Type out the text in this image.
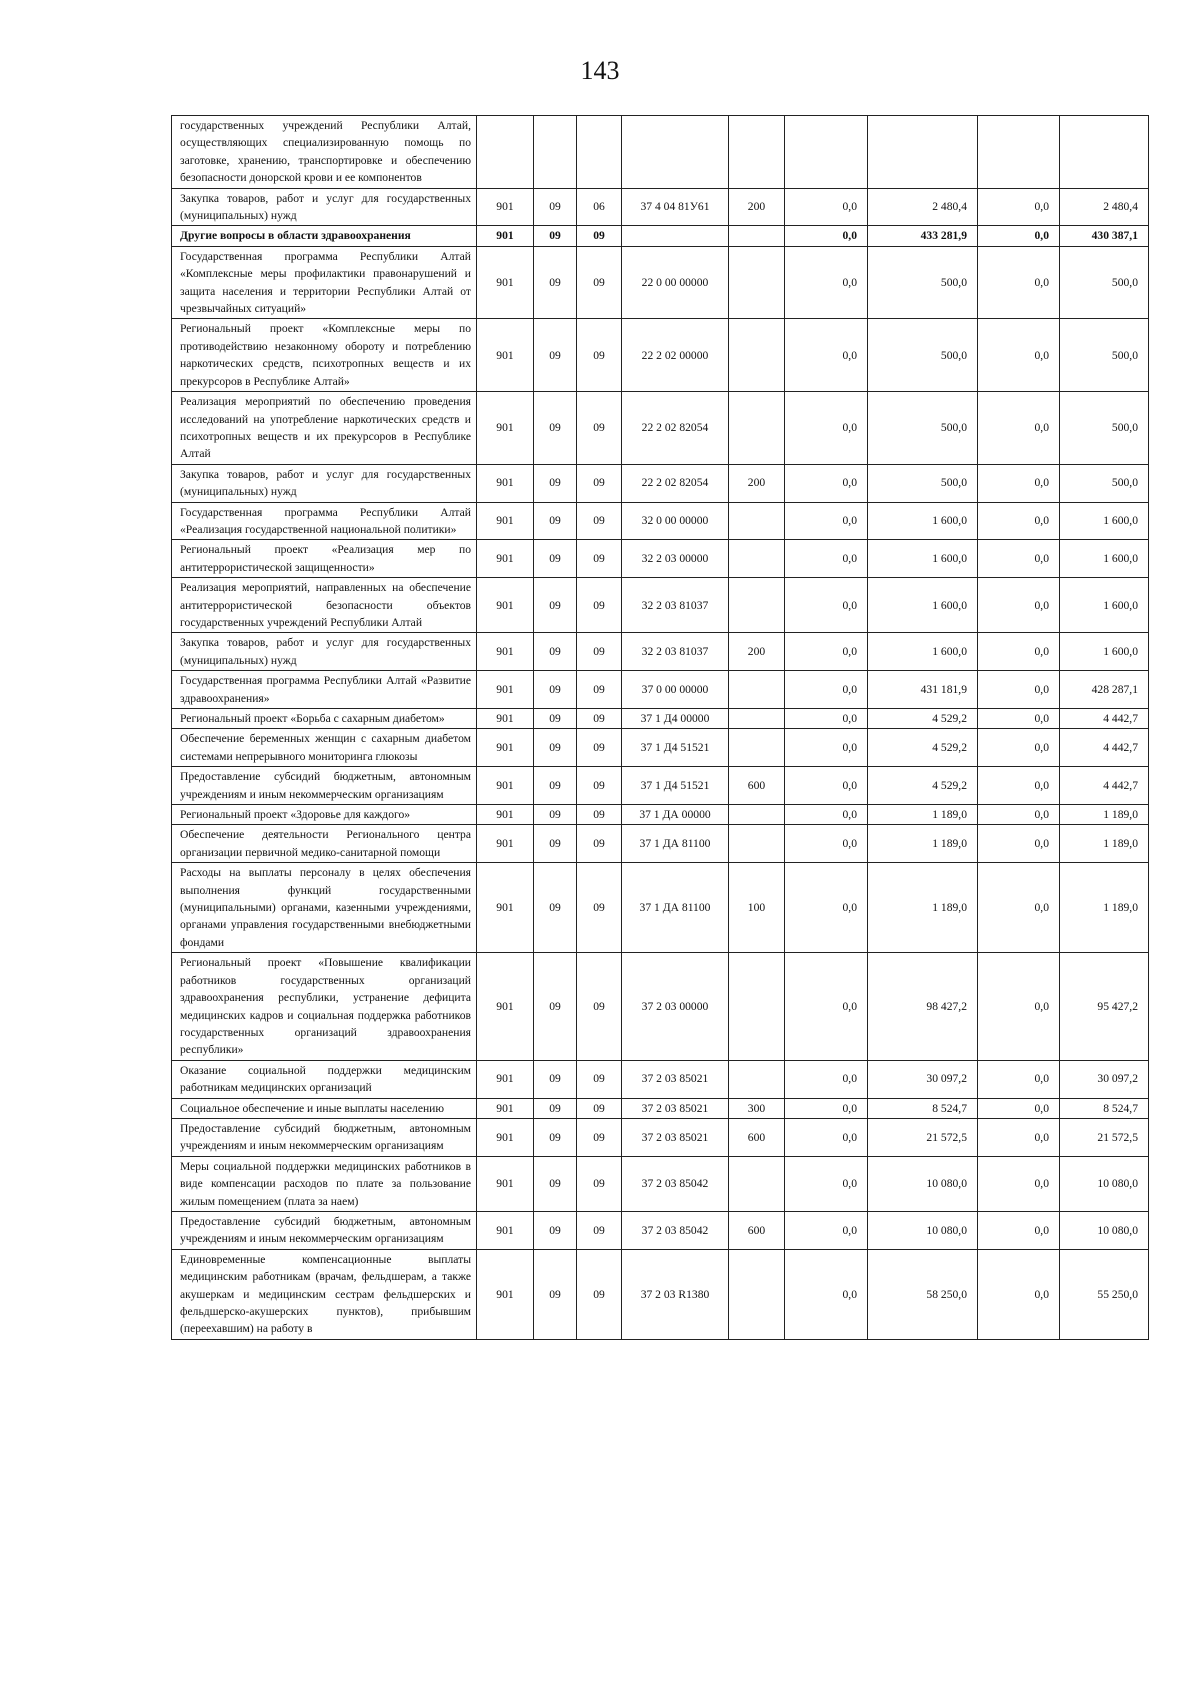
143
государственных учреждений Республики Алтай, осуществляющих специализированную помощь по заготовке, хранению, транспортировке и обеспечению безопасности донорской крови и ее компонентов									
Закупка товаров, работ и услуг для государственных (муниципальных) нужд	901	09	06	37 4 04 81У61	200	0,0	2 480,4	0,0	2 480,4
Другие вопросы в области здравоохранения	901	09	09			0,0	433 281,9	0,0	430 387,1
Государственная программа Республики Алтай «Комплексные меры профилактики правонарушений и защита населения и территории Республики Алтай от чрезвычайных ситуаций»	901	09	09	22 0 00 00000		0,0	500,0	0,0	500,0
Региональный проект «Комплексные меры по противодействию незаконному обороту и потреблению наркотических средств, психотропных веществ и их прекурсоров в Республике Алтай»	901	09	09	22 2 02 00000		0,0	500,0	0,0	500,0
Реализация мероприятий по обеспечению проведения исследований на употребление наркотических средств и психотропных веществ и их прекурсоров в Республике Алтай	901	09	09	22 2 02 82054		0,0	500,0	0,0	500,0
Закупка товаров, работ и услуг для государственных (муниципальных) нужд	901	09	09	22 2 02 82054	200	0,0	500,0	0,0	500,0
Государственная программа Республики Алтай «Реализация государственной национальной политики»	901	09	09	32 0 00 00000		0,0	1 600,0	0,0	1 600,0
Региональный проект «Реализация мер по антитеррористической защищенности»	901	09	09	32 2 03 00000		0,0	1 600,0	0,0	1 600,0
Реализация мероприятий, направленных на обеспечение антитеррористической безопасности объектов государственных учреждений Республики Алтай	901	09	09	32 2 03 81037		0,0	1 600,0	0,0	1 600,0
Закупка товаров, работ и услуг для государственных (муниципальных) нужд	901	09	09	32 2 03 81037	200	0,0	1 600,0	0,0	1 600,0
Государственная программа Республики Алтай «Развитие здравоохранения»	901	09	09	37 0 00 00000		0,0	431 181,9	0,0	428 287,1
Региональный проект «Борьба с сахарным диабетом»	901	09	09	37 1 Д4 00000		0,0	4 529,2	0,0	4 442,7
Обеспечение беременных женщин с сахарным диабетом системами непрерывного мониторинга глюкозы	901	09	09	37 1 Д4 51521		0,0	4 529,2	0,0	4 442,7
Предоставление субсидий бюджетным, автономным учреждениям и иным некоммерческим организациям	901	09	09	37 1 Д4 51521	600	0,0	4 529,2	0,0	4 442,7
Региональный проект «Здоровье для каждого»	901	09	09	37 1 ДА 00000		0,0	1 189,0	0,0	1 189,0
Обеспечение деятельности Регионального центра организации первичной медико-санитарной помощи	901	09	09	37 1 ДА 81100		0,0	1 189,0	0,0	1 189,0
Расходы на выплаты персоналу в целях обеспечения выполнения функций государственными (муниципальными) органами, казенными учреждениями, органами управления государственными внебюджетными фондами	901	09	09	37 1 ДА 81100	100	0,0	1 189,0	0,0	1 189,0
Региональный проект «Повышение квалификации работников государственных организаций здравоохранения республики, устранение дефицита медицинских кадров и социальная поддержка работников государственных организаций здравоохранения республики»	901	09	09	37 2 03 00000		0,0	98 427,2	0,0	95 427,2
Оказание социальной поддержки медицинским работникам медицинских организаций	901	09	09	37 2 03 85021		0,0	30 097,2	0,0	30 097,2
Социальное обеспечение и иные выплаты населению	901	09	09	37 2 03 85021	300	0,0	8 524,7	0,0	8 524,7
Предоставление субсидий бюджетным, автономным учреждениям и иным некоммерческим организациям	901	09	09	37 2 03 85021	600	0,0	21 572,5	0,0	21 572,5
Меры социальной поддержки медицинских работников в виде компенсации расходов по плате за пользование жилым помещением (плата за наем)	901	09	09	37 2 03 85042		0,0	10 080,0	0,0	10 080,0
Предоставление субсидий бюджетным, автономным учреждениям и иным некоммерческим организациям	901	09	09	37 2 03 85042	600	0,0	10 080,0	0,0	10 080,0
Единовременные компенсационные выплаты медицинским работникам (врачам, фельдшерам, а также акушеркам и медицинским сестрам фельдшерских и фельдшерско-акушерских пунктов), прибывшим (переехавшим) на работу в	901	09	09	37 2 03 R1380		0,0	58 250,0	0,0	55 250,0
